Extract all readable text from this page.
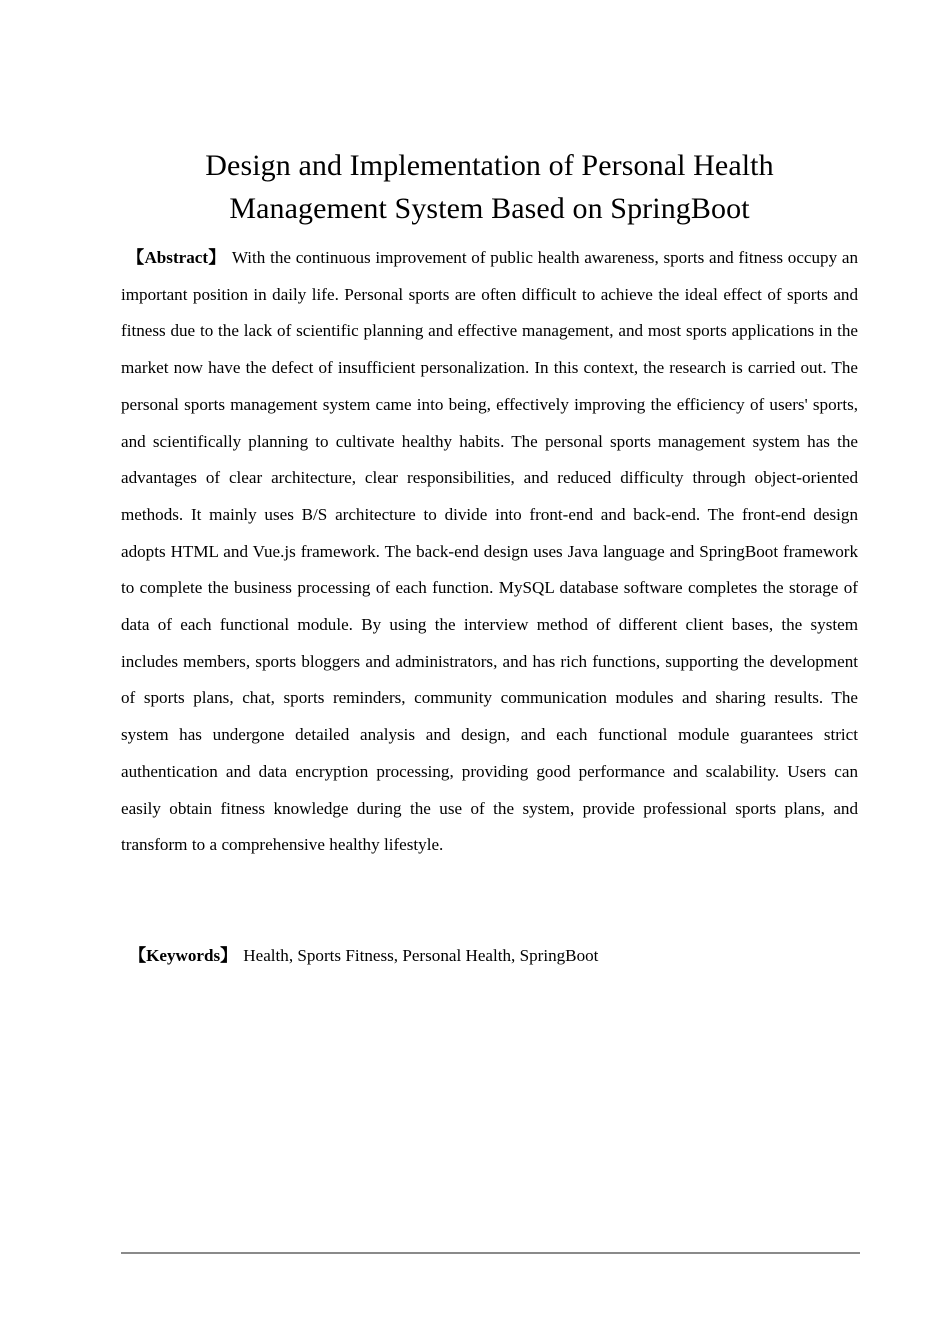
Design and Implementation of Personal Health
Management System Based on SpringBoot

【Abstract】 With the continuous improvement of public health awareness, sports and fitness occupy an important position in daily life. Personal sports are often difficult to achieve the ideal effect of sports and fitness due to the lack of scientific planning and effective management, and most sports applications in the market now have the defect of insufficient personalization. In this context, the research is carried out. The personal sports management system came into being, effectively improving the efficiency of users' sports, and scientifically planning to cultivate healthy habits. The personal sports management system has the advantages of clear architecture, clear responsibilities, and reduced difficulty through object-oriented methods. It mainly uses B/S architecture to divide into front-end and back-end. The front-end design adopts HTML and Vue.js framework. The back-end design uses Java language and SpringBoot framework to complete the business processing of each function. MySQL database software completes the storage of data of each functional module. By using the interview method of different client bases, the system includes members, sports bloggers and administrators, and has rich functions, supporting the development of sports plans, chat, sports reminders, community communication modules and sharing results. The system has undergone detailed analysis and design, and each functional module guarantees strict authentication and data encryption processing, providing good performance and scalability. Users can easily obtain fitness knowledge during the use of the system, provide professional sports plans, and transform to a comprehensive healthy lifestyle.

【Keywords】 Health, Sports Fitness, Personal Health, SpringBoot
